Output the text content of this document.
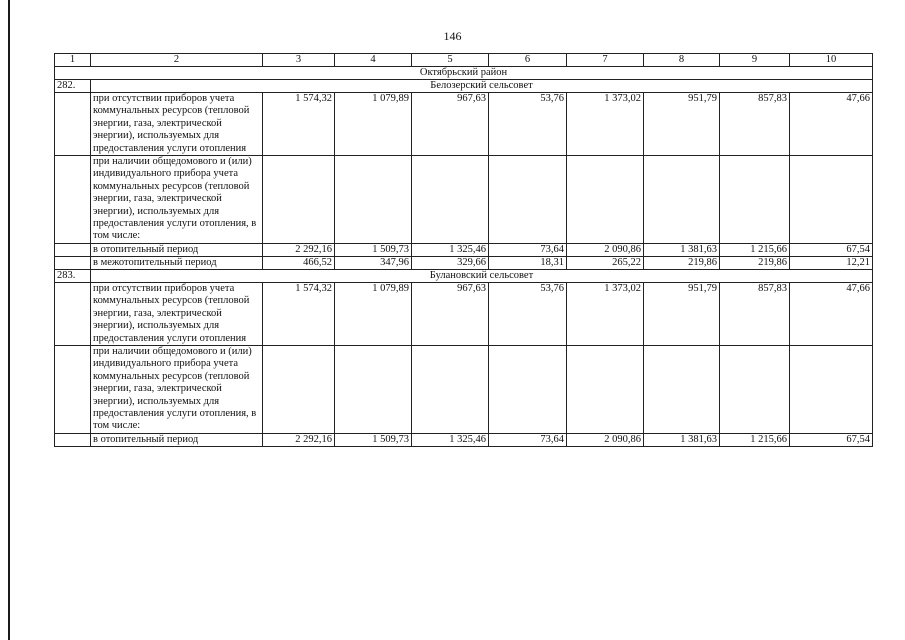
146
1	2	3	4	5	6	7	8	9	10
Октябрьский район									
282.	Белозерский сельсовет								
	при отсутствии приборов учета коммунальных ресурсов (тепловой энергии, газа, электрической энергии), используемых для предоставления услуги отопления	1 574,32	1 079,89	967,63	53,76	1 373,02	951,79	857,83	47,66
	при наличии общедомового и (или) индивидуального прибора учета коммунальных ресурсов (тепловой энергии, газа, электрической энергии), используемых для предоставления услуги отопления, в том числе:								
	в отопительный период	2 292,16	1 509,73	1 325,46	73,64	2 090,86	1 381,63	1 215,66	67,54
	в межотопительный период	466,52	347,96	329,66	18,31	265,22	219,86	219,86	12,21
283.	Булановский сельсовет								
	при отсутствии приборов учета коммунальных ресурсов (тепловой энергии, газа, электрической энергии), используемых для предоставления услуги отопления	1 574,32	1 079,89	967,63	53,76	1 373,02	951,79	857,83	47,66
	при наличии общедомового и (или) индивидуального прибора учета коммунальных ресурсов (тепловой энергии, газа, электрической энергии), используемых для предоставления услуги отопления, в том числе:								
	в отопительный период	2 292,16	1 509,73	1 325,46	73,64	2 090,86	1 381,63	1 215,66	67,54
